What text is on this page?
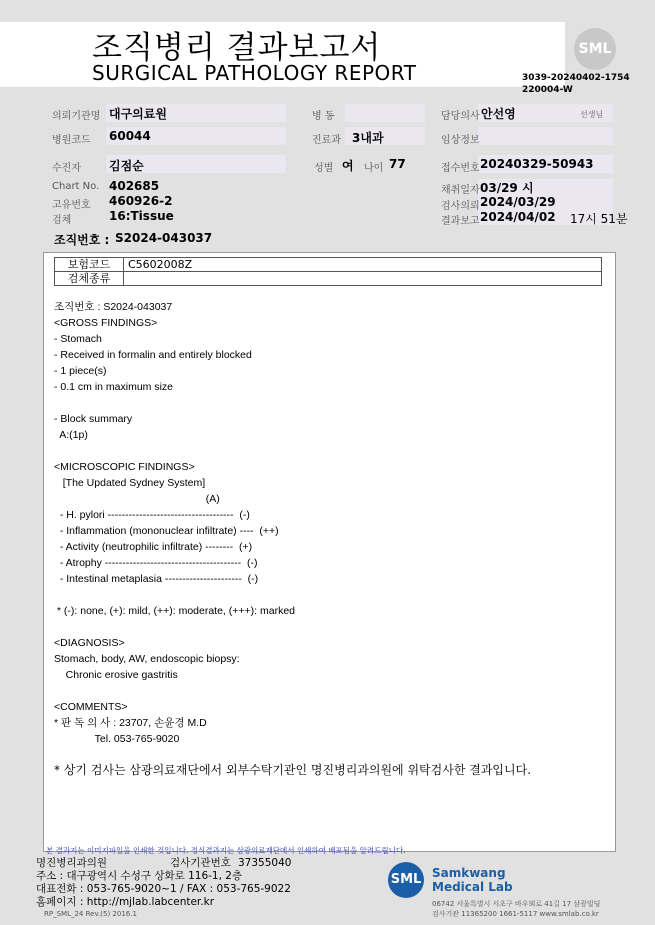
조직병리 결과보고서
SURGICAL PATHOLOGY REPORT
SML
3039-20240402-1754
220004-W
의뢰기관명 대구의료원	병 동	담당의사 안선영	선생님
병원코드 60044	진료과 3내과	임상정보
수진자 김점순	성별 여 나이 77	접수번호 20240329-50943
Chart No. 402685	채취일자 03/29 시
고유번호 460926-2	검사의뢰 2024/03/29
검체	16:Tissue	결과보고 2024/04/02 17시 51분
조직번호 : S2024-043037
보험코드	C5602008Z
검체종류	
조직번호 : S2024-043037
<GROSS FINDINGS>
- Stomach
- Received in formalin and entirely blocked
- 1 piece(s)
- 0.1 cm in maximum size

- Block summary
A:(1p)

<MICROSCOPIC FINDINGS>
[The Updated Sydney System]
(A)
- H. pylori ------------------------------------  (-)
- Inflammation (mononuclear infiltrate) ----  (++)
- Activity (neutrophilic infiltrate) --------  (+)
- Atrophy ---------------------------------------  (-)
- Intestinal metaplasia ----------------------  (-)

* (-): none, (+): mild, (++): moderate, (+++): marked

<DIAGNOSIS>
Stomach, body, AW, endoscopic biopsy:
Chronic erosive gastritis

<COMMENTS>
* 판 독 의 사 : 23707, 손윤경 M.D
Tel. 053-765-9020
* 상기 검사는 삼광의료재단에서 외부수탁기관인 명진병리과의원에 위탁검사한 결과입니다.
본 결과지는 이미지파일을 인쇄한 것입니다. 정식결과지는 삼광의료재단에서 인쇄하여 배포됨을 알려드립니다.
명진병리과의원	검사기관번호 37355040
주소 : 대구광역시 수성구 상화로 116-1, 2층
대표전화 : 053-765-9020~1 / FAX : 053-765-9022
홈페이지 : http://mjlab.labcenter.kr
RP_SML_24 Rev.(5) 2016.1
SML Samkwang
Medical Lab
06742 서울특별시 서초구 바우뫼로 41길 17 삼광빌딩
검사기관 11365200 1661-5117 www.smlab.co.kr
